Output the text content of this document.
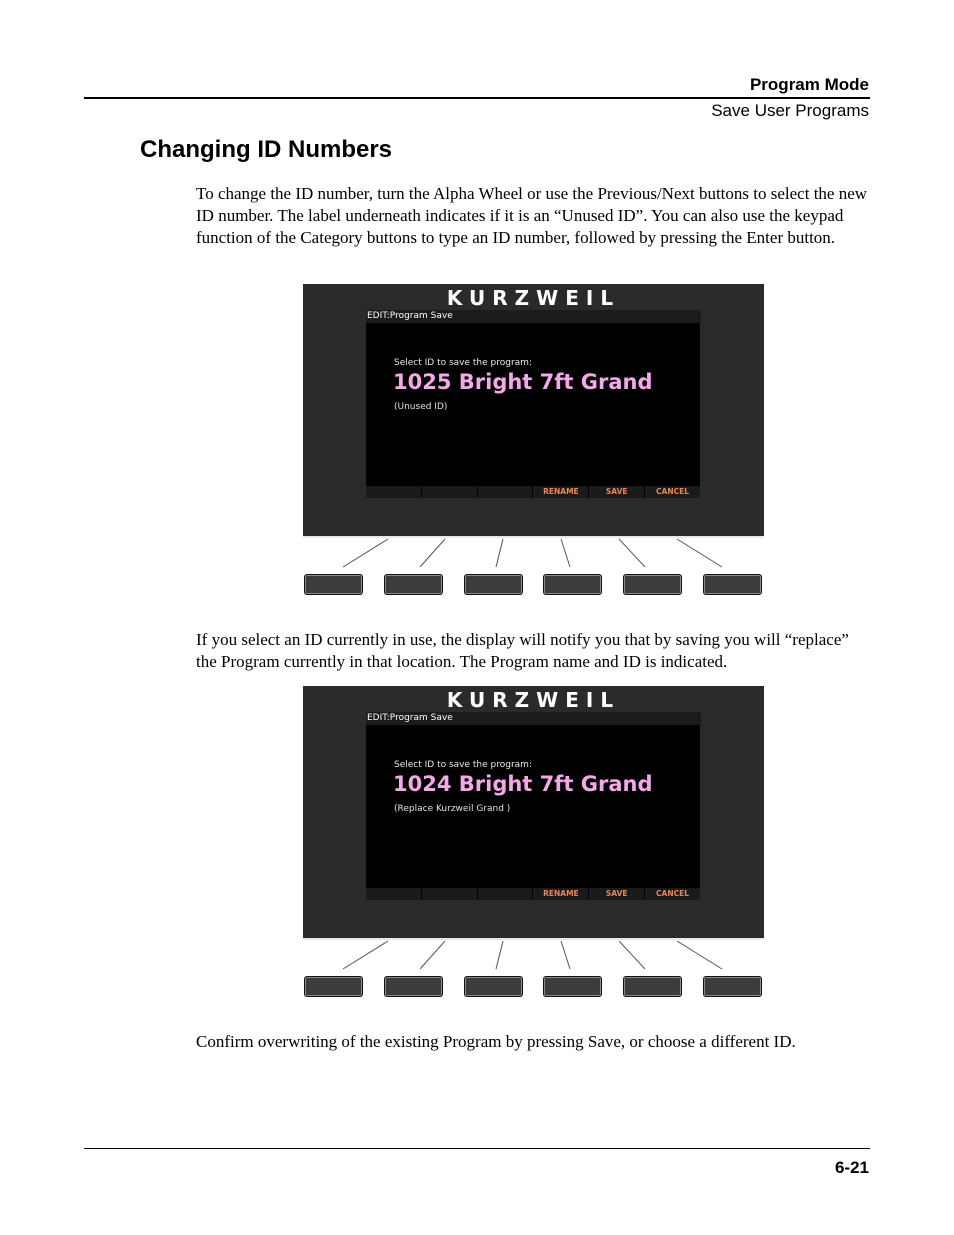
Program Mode
Save User Programs
Changing ID Numbers

To change the ID number, turn the Alpha Wheel or use the Previous/Next buttons to select the new ID number. The label underneath indicates if it is an “Unused ID”. You can also use the keypad function of the Category buttons to type an ID number, followed by pressing the Enter button.

KURZWEIL
EDIT:Program Save
Select ID to save the program:
1025 Bright 7ft Grand
(Unused ID)
RENAME	SAVE	CANCEL

If you select an ID currently in use, the display will notify you that by saving you will “replace” the Program currently in that location. The Program name and ID is indicated.

KURZWEIL
EDIT:Program Save
Select ID to save the program:
1024 Bright 7ft Grand
(Replace Kurzweil Grand )
RENAME	SAVE	CANCEL

Confirm overwriting of the existing Program by pressing Save, or choose a different ID.

6-21
